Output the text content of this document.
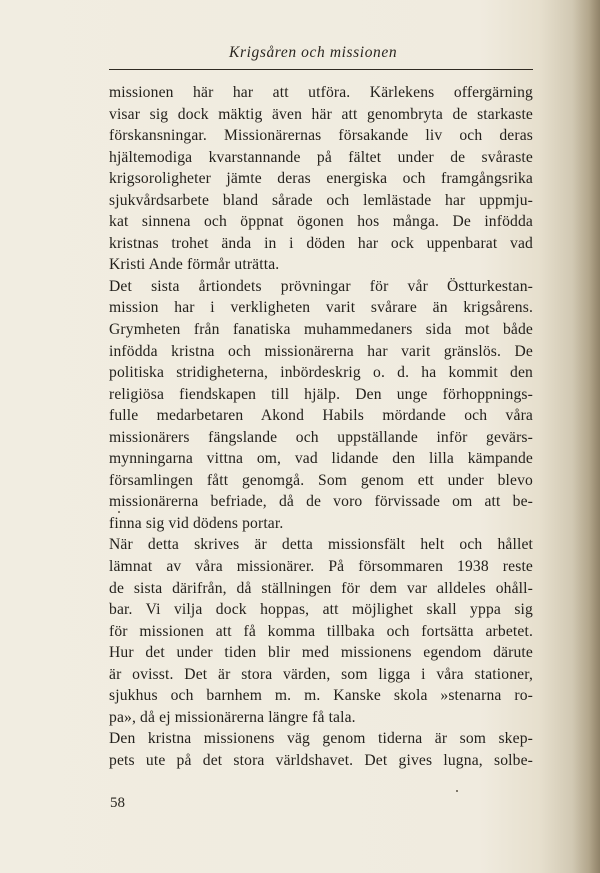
Krigsåren och missionen

missionen här har att utföra. Kärlekens offergärning
visar sig dock mäktig även här att genombryta de starkaste
förskansningar. Missionärernas försakande liv och deras
hjältemodiga kvarstannande på fältet under de svåraste
krigsoroligheter jämte deras energiska och framgångsrika
sjukvårdsarbete bland sårade och lemlästade har uppmju-
kat sinnena och öppnat ögonen hos många. De infödda
kristnas trohet ända in i döden har ock uppenbarat vad
Kristi Ande förmår uträtta.

Det sista årtiondets prövningar för vår Östturkestan-
mission har i verkligheten varit svårare än krigsårens.
Grymheten från fanatiska muhammedaners sida mot både
infödda kristna och missionärerna har varit gränslös. De
politiska stridigheterna, inbördeskrig o. d. ha kommit den
religiösa fiendskapen till hjälp. Den unge förhoppnings-
fulle medarbetaren Akond Habils mördande och våra
missionärers fängslande och uppställande inför gevärs-
mynningarna vittna om, vad lidande den lilla kämpande
församlingen fått genomgå. Som genom ett under blevo
missionärerna befriade, då de voro förvissade om att be-
finna sig vid dödens portar.

När detta skrives är detta missionsfält helt och hållet
lämnat av våra missionärer. På försommaren 1938 reste
de sista därifrån, då ställningen för dem var alldeles ohåll-
bar. Vi vilja dock hoppas, att möjlighet skall yppa sig
för missionen att få komma tillbaka och fortsätta arbetet.
Hur det under tiden blir med missionens egendom därute
är ovisst. Det är stora värden, som ligga i våra stationer,
sjukhus och barnhem m. m. Kanske skola »stenarna ro-
pa», då ej missionärerna längre få tala.

Den kristna missionens väg genom tiderna är som skep-
pets ute på det stora världshavet. Det gives lugna, solbe-

58
